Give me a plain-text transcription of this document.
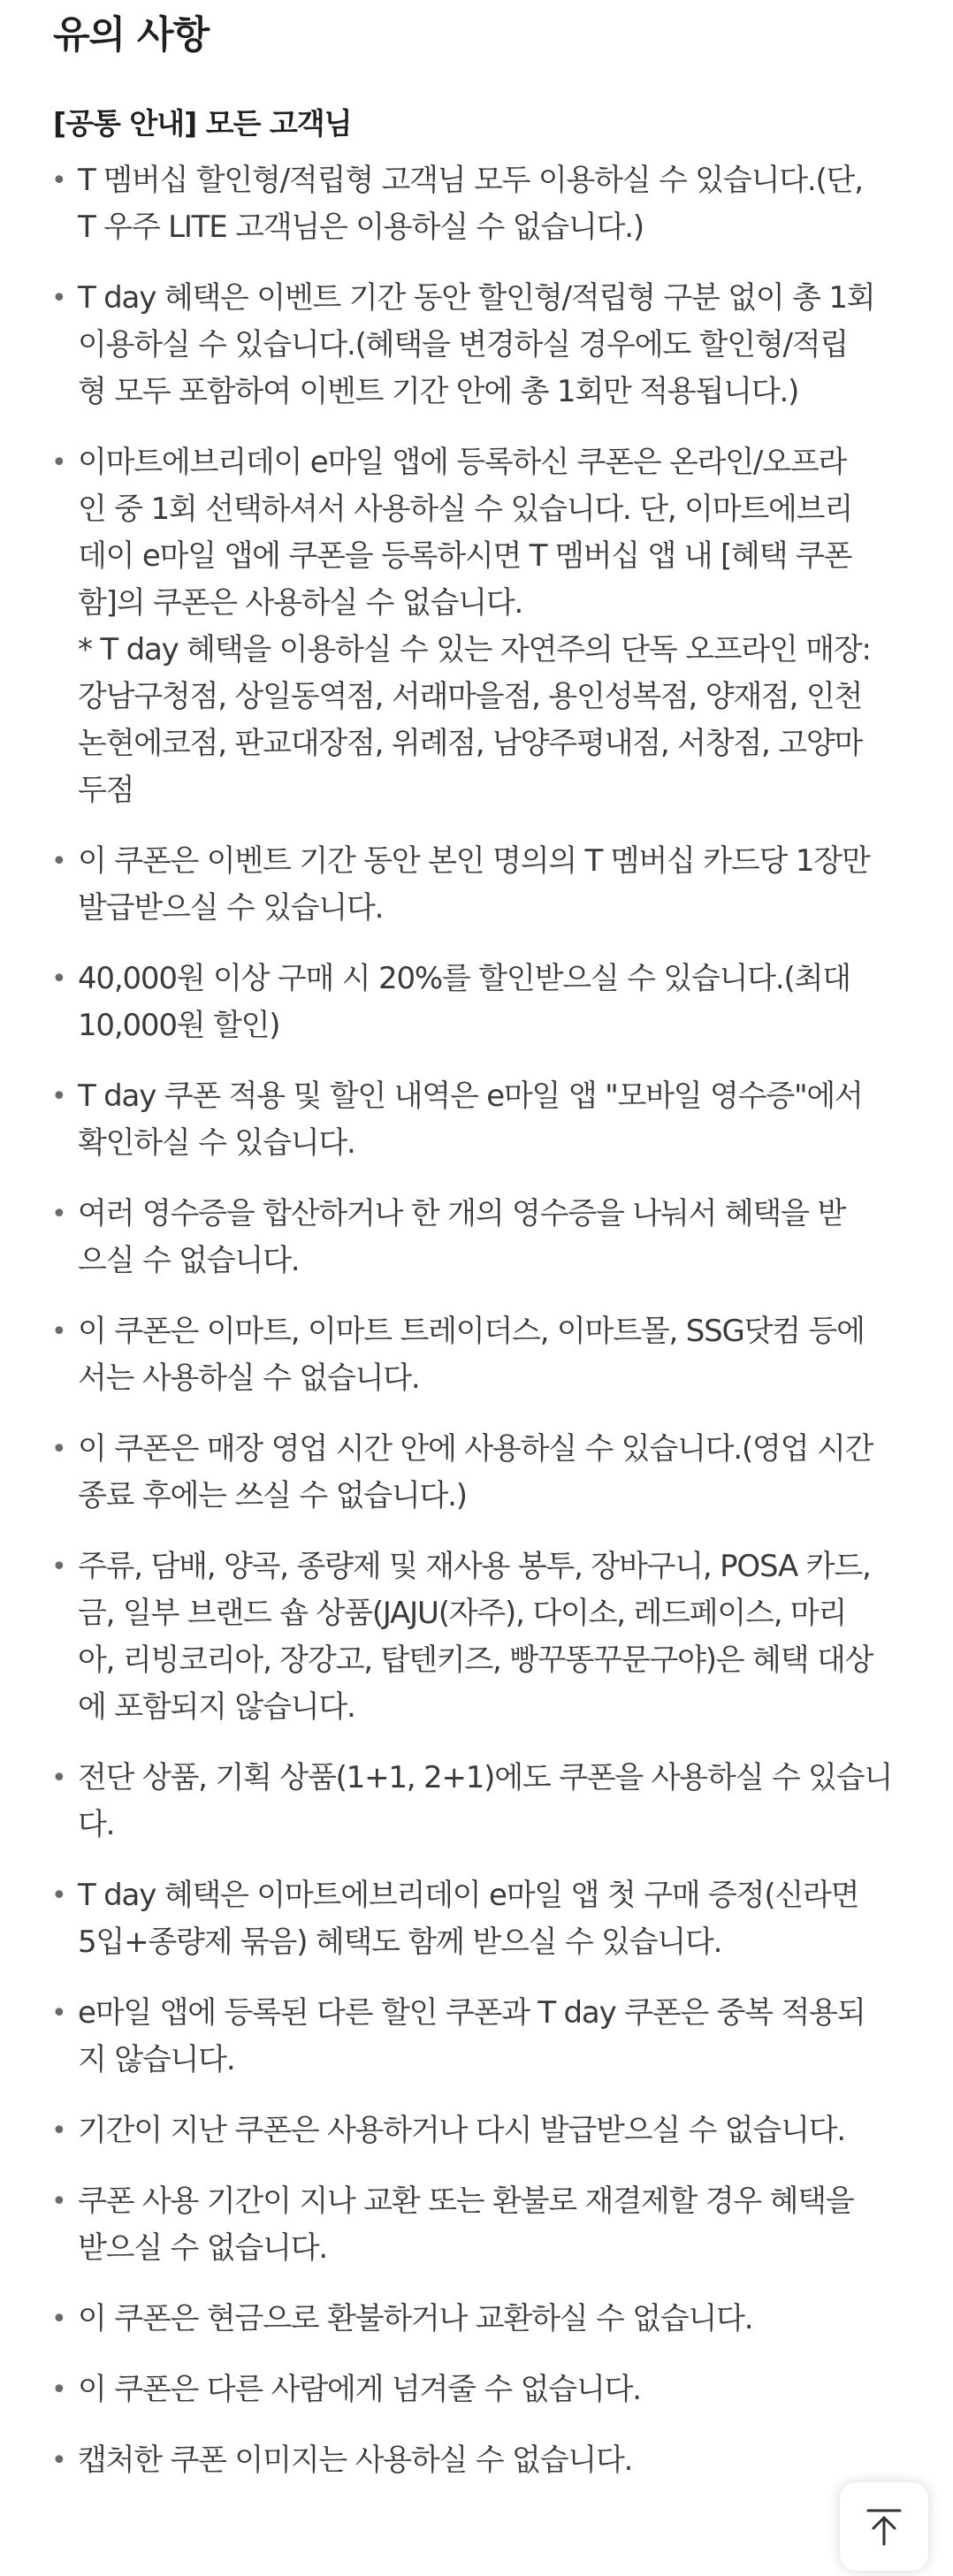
유의 사항
[공통 안내] 모든 고객님
• T 멤버십 할인형/적립형 고객님 모두 이용하실 수 있습니다.(단,
T 우주 LITE 고객님은 이용하실 수 없습니다.)
• T day 혜택은 이벤트 기간 동안 할인형/적립형 구분 없이 총 1회
이용하실 수 있습니다.(혜택을 변경하실 경우에도 할인형/적립
형 모두 포함하여 이벤트 기간 안에 총 1회만 적용됩니다.)
• 이마트에브리데이 e마일 앱에 등록하신 쿠폰은 온라인/오프라
인 중 1회 선택하셔서 사용하실 수 있습니다. 단, 이마트에브리
데이 e마일 앱에 쿠폰을 등록하시면 T 멤버십 앱 내 [혜택 쿠폰
함]의 쿠폰은 사용하실 수 없습니다.
* T day 혜택을 이용하실 수 있는 자연주의 단독 오프라인 매장:
강남구청점, 상일동역점, 서래마을점, 용인성복점, 양재점, 인천
논현에코점, 판교대장점, 위례점, 남양주평내점, 서창점, 고양마
두점
• 이 쿠폰은 이벤트 기간 동안 본인 명의의 T 멤버십 카드당 1장만
발급받으실 수 있습니다.
• 40,000원 이상 구매 시 20%를 할인받으실 수 있습니다.(최대
10,000원 할인)
• T day 쿠폰 적용 및 할인 내역은 e마일 앱 "모바일 영수증"에서
확인하실 수 있습니다.
• 여러 영수증을 합산하거나 한 개의 영수증을 나눠서 혜택을 받
으실 수 없습니다.
• 이 쿠폰은 이마트, 이마트 트레이더스, 이마트몰, SSG닷컴 등에
서는 사용하실 수 없습니다.
• 이 쿠폰은 매장 영업 시간 안에 사용하실 수 있습니다.(영업 시간
종료 후에는 쓰실 수 없습니다.)
• 주류, 담배, 양곡, 종량제 및 재사용 봉투, 장바구니, POSA 카드,
금, 일부 브랜드 숍 상품(JAJU(자주), 다이소, 레드페이스, 마리
아, 리빙코리아, 장강고, 탑텐키즈, 빵꾸똥꾸문구야)은 혜택 대상
에 포함되지 않습니다.
• 전단 상품, 기획 상품(1+1, 2+1)에도 쿠폰을 사용하실 수 있습니
다.
• T day 혜택은 이마트에브리데이 e마일 앱 첫 구매 증정(신라면
5입+종량제 묶음) 혜택도 함께 받으실 수 있습니다.
• e마일 앱에 등록된 다른 할인 쿠폰과 T day 쿠폰은 중복 적용되
지 않습니다.
• 기간이 지난 쿠폰은 사용하거나 다시 발급받으실 수 없습니다.
• 쿠폰 사용 기간이 지나 교환 또는 환불로 재결제할 경우 혜택을
받으실 수 없습니다.
• 이 쿠폰은 현금으로 환불하거나 교환하실 수 없습니다.
• 이 쿠폰은 다른 사람에게 넘겨줄 수 없습니다.
• 캡처한 쿠폰 이미지는 사용하실 수 없습니다.
